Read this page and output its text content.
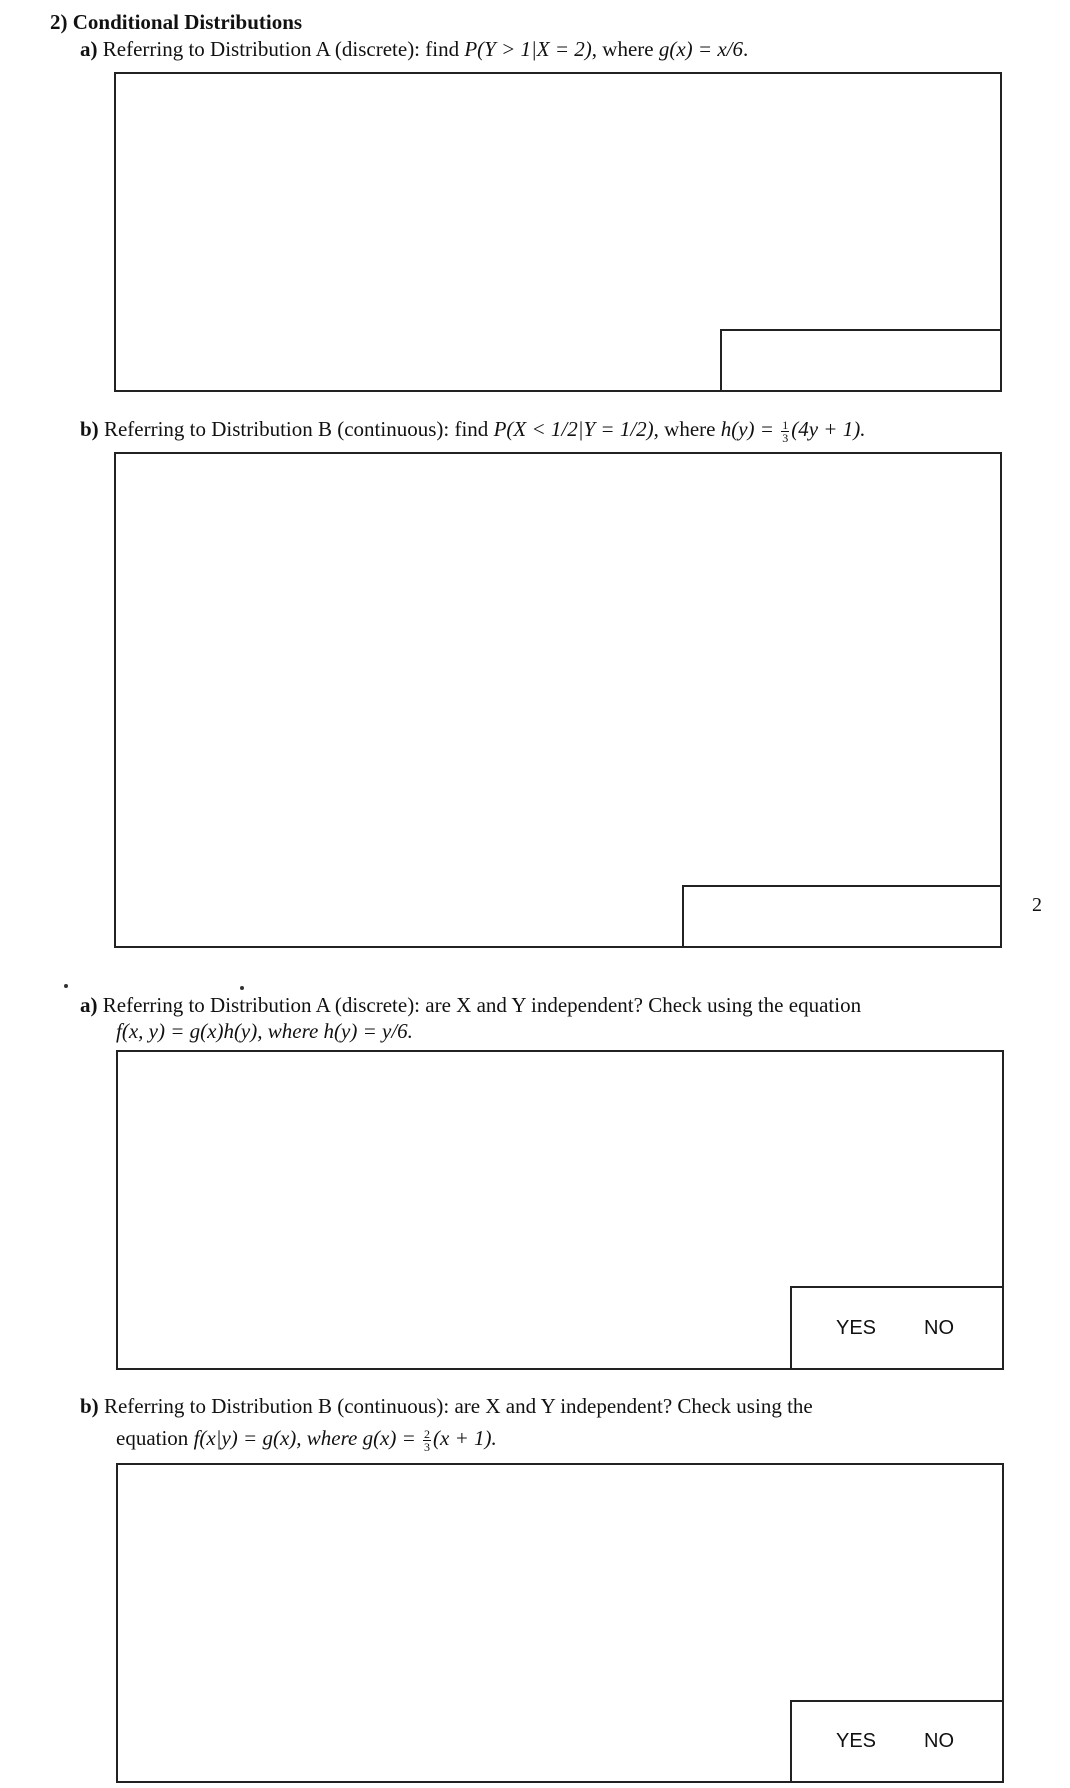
2) Conditional Distributions
a) Referring to Distribution A (discrete): find P(Y > 1|X = 2), where g(x) = x/6.
b) Referring to Distribution B (continuous): find P(X < 1/2|Y = 1/2), where $h(y) = \frac{1}{3} (4y + 1)$.
2
a) Referring to Distribution A (discrete): are X and Y independent? Check using the equation
f(x, y) = g(x)h(y), where h(y) = y/6.
YES NO
b) Referring to Distribution B (continuous): are X and Y independent? Check using the
equation f(x|y) = g(x), where $g(x) = \frac{2}{3} (x + 1)$.
YES NO
